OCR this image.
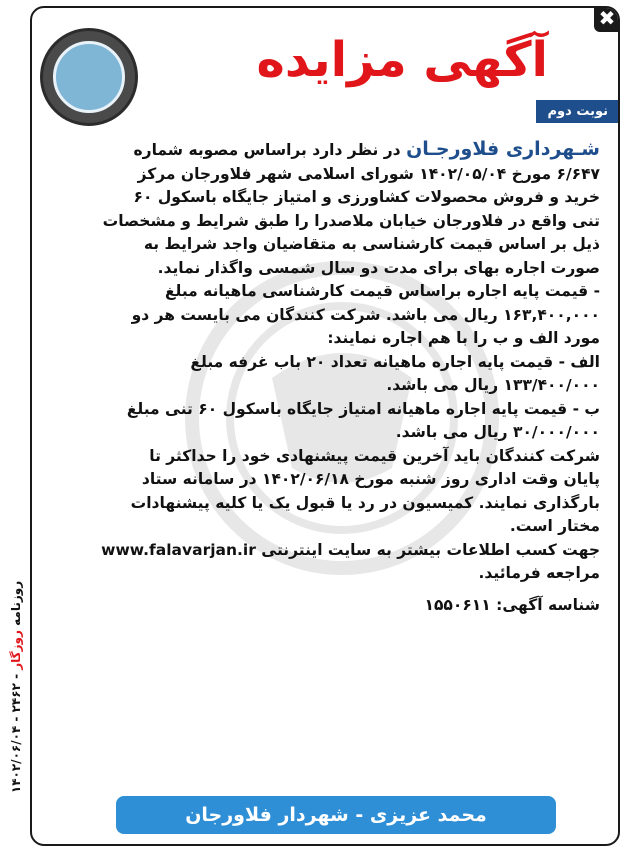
✖
آگهی مزایده
نوبت دوم
شـهرداری فلاورجـان در نظر دارد براساس مصوبه شماره
۶/۶۴۷ مورخ ۱۴۰۲/۰۵/۰۴ شورای اسلامی شهر فلاورجان مرکز
خرید و فروش محصولات کشاورزی و امتیاز جایگاه باسکول ۶۰
تنی واقع در فلاورجان خیابان ملاصدرا را طبق شرایط و مشخصات
ذیل بر اساس قیمت کارشناسی به متقاضیان واجد شرایط به
صورت اجاره بهای برای مدت دو سال شمسی واگذار نماید.
- قیمت پایه اجاره براساس قیمت کارشناسی ماهیانه مبلغ
۱۶۳,۴۰۰,۰۰۰ ریال می باشد. شرکت کنندگان می بایست هر دو
مورد الف و ب را با هم اجاره نمایند:
الف - قیمت پایه اجاره ماهیانه تعداد ۲۰ باب غرفه مبلغ
۱۳۳/۴۰۰/۰۰۰ ریال می باشد.
ب - قیمت پایه اجاره ماهیانه امتیاز جایگاه باسکول ۶۰ تنی مبلغ
۳۰/۰۰۰/۰۰۰ ریال می باشد.
شرکت کنندگان باید آخرین قیمت پیشنهادی خود را حداکثر تا
پایان وقت اداری روز شنبه مورخ ۱۴۰۲/۰۶/۱۸ در سامانه ستاد
بارگذاری نمایند. کمیسیون در رد یا قبول یک یا کلیه پیشنهادات
مختار است.
جهت کسب اطلاعات بیشتر به سایت اینترنتی www.falavarjan.ir
مراجعه فرمائید.
شناسه آگهی: ۱۵۵۰۶۱۱
محمد عزیزی - شهردار فلاورجان
روزنامه روزگار - ۲۴۶۲ - ۱۴۰۲/۰۶/۰۴
